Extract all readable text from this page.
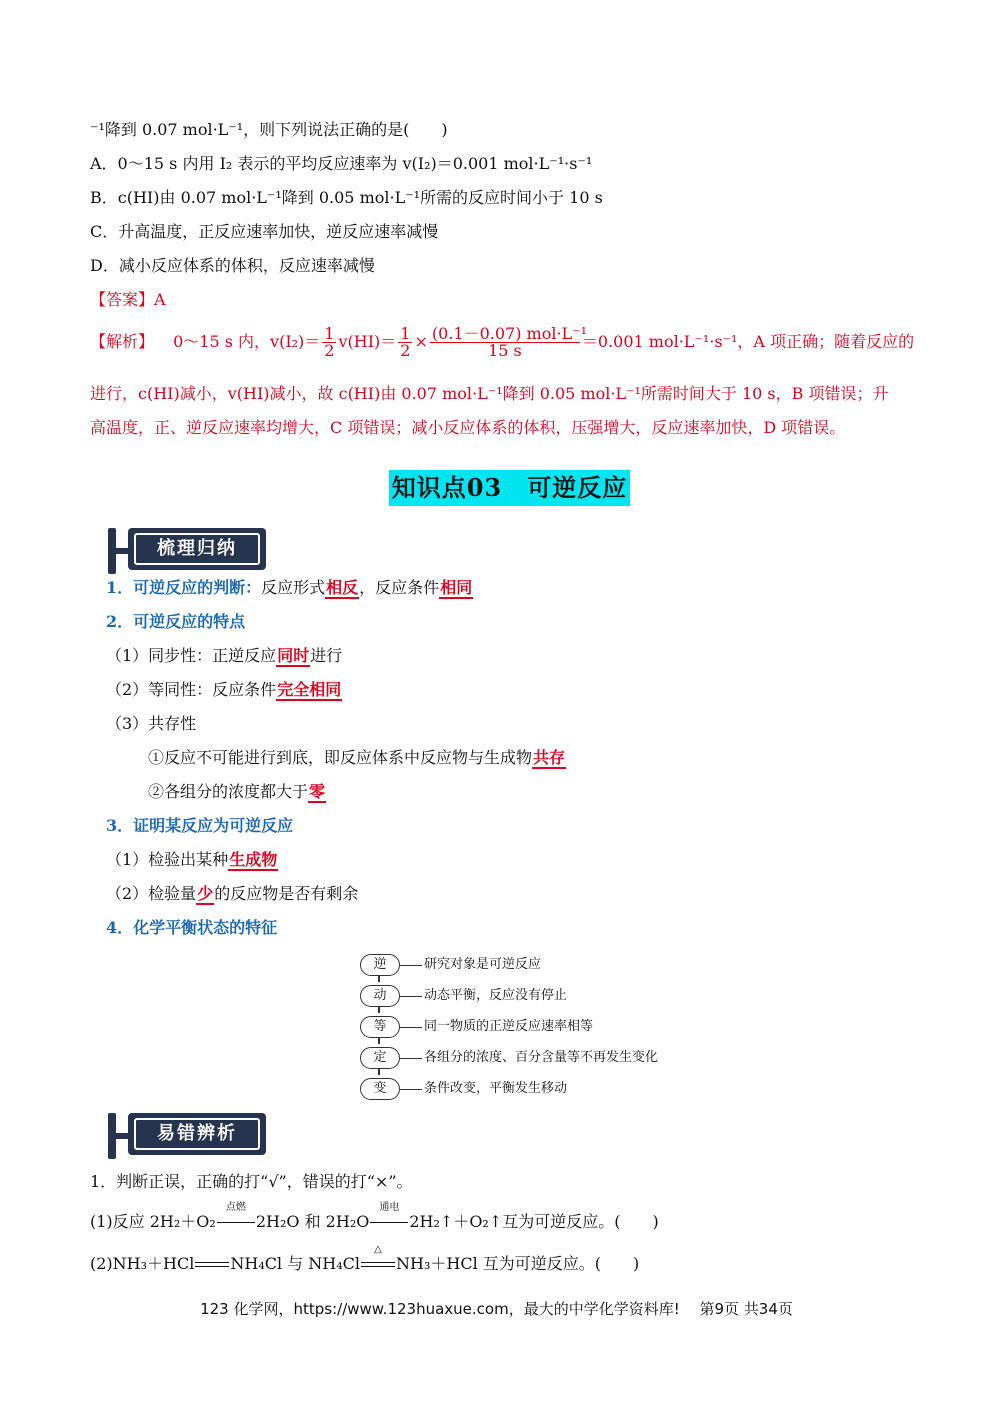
⁻¹降到 0.07 mol·L⁻¹，则下列说法正确的是(　　)
A．0～15 s 内用 I₂ 表示的平均反应速率为 v(I₂)＝0.001 mol·L⁻¹·s⁻¹
B．c(HI)由 0.07 mol·L⁻¹降到 0.05 mol·L⁻¹所需的反应时间小于 10 s
C．升高温度，正反应速率加快，逆反应速率减慢
D．减小反应体系的体积，反应速率减慢
【答案】A
【解析】 0～15 s 内，$v(I_2)= \frac{1}{2} v(HI)= \frac{1}{2} \times \frac{\text{(0.1－0.07) mol·L⁻¹}}{15 s} =0.001$ mol·L⁻¹·s⁻¹，A 项正确；随着反应的
进行，c(HI)减小，v(HI)减小，故 c(HI)由 0.07 mol·L⁻¹降到 0.05 mol·L⁻¹所需时间大于 10 s，B 项错误；升
高温度，正、逆反应速率均增大，C 项错误；减小反应体系的体积，压强增大，反应速率加快，D 项错误。
知识点03　可逆反应
梳理归纳
1．可逆反应的判断：反应形式相反，反应条件相同
2．可逆反应的特点
（1）同步性：正逆反应同时进行
（2）等同性：反应条件完全相同
（3）共存性
①反应不可能进行到底，即反应体系中反应物与生成物共存
②各组分的浓度都大于零
3．证明某反应为可逆反应
（1）检验出某种生成物
（2）检验量少的反应物是否有剩余
4．化学平衡状态的特征
逆	研究对象是可逆反应
动	动态平衡，反应没有停止
等	同一物质的正逆反应速率相等
定	各组分的浓度、百分含量等不再发生变化
变	条件改变，平衡发生移动
易错辨析
1．判断正误，正确的打“√”，错误的打“×”。
(1)反应 2H₂＋O₂
点燃
2H₂O 和 2H₂O
通电
2H₂↑＋O₂↑互为可逆反应。(　　)
(2)NH₃＋HCl NH₄Cl 与 NH₄Cl
△
NH₃＋HCl 互为可逆反应。(　　)
123 化学网，https://www.123huaxue.com，最大的中学化学资料库!　 第9页 共34页
